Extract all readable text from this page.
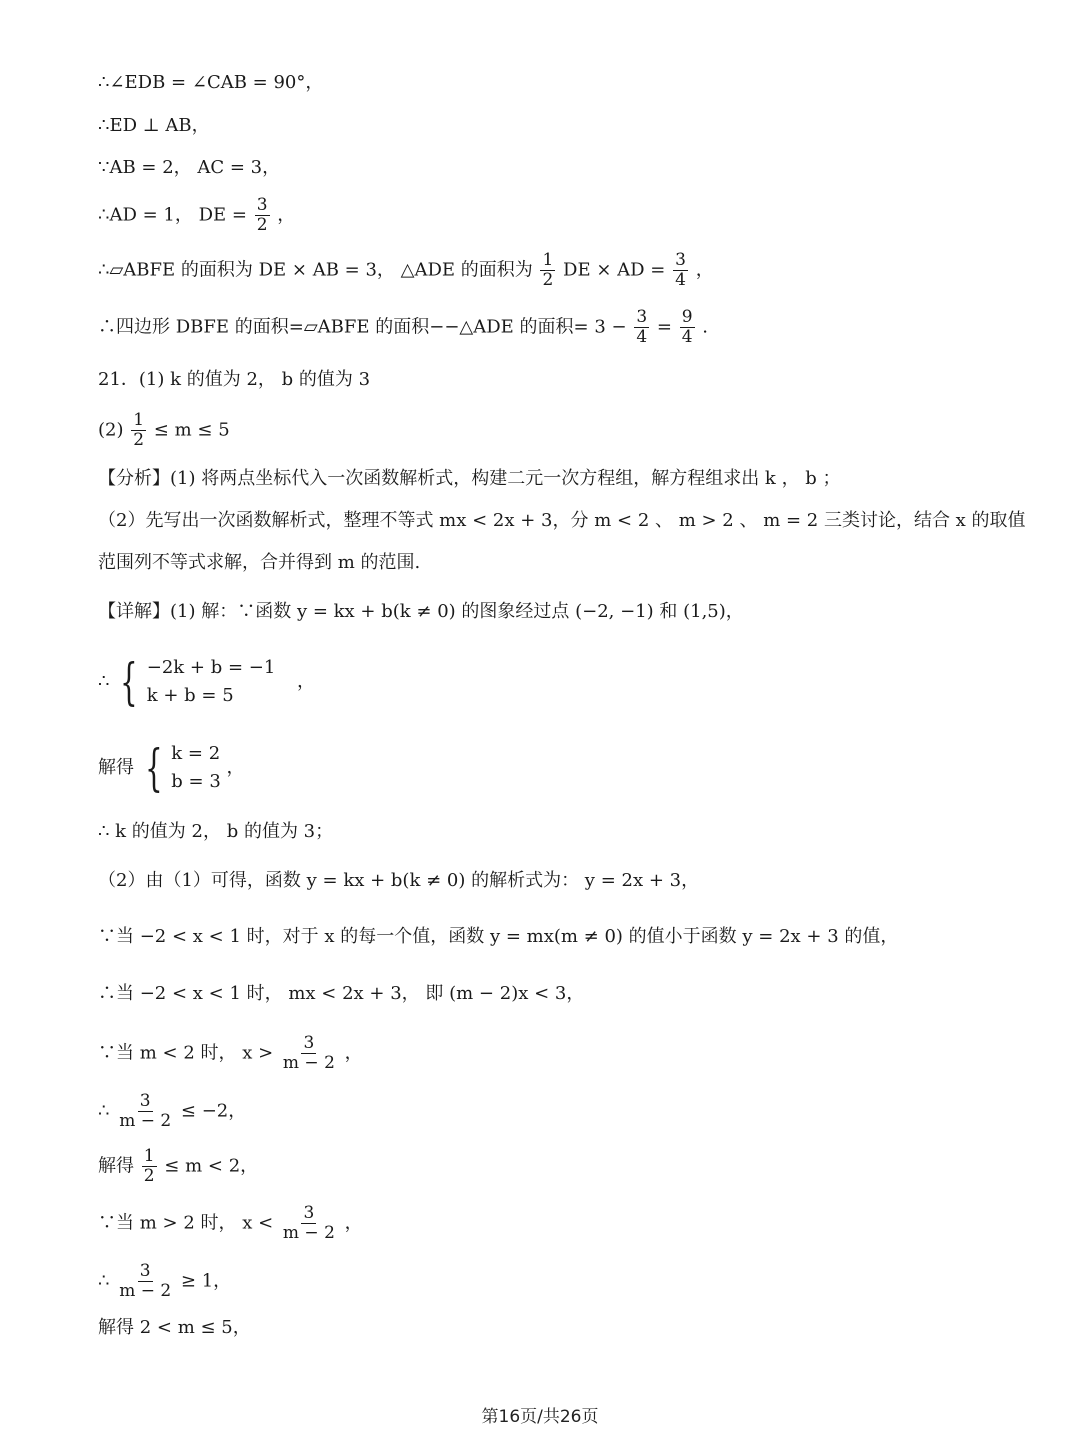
∴∠EDB = ∠CAB = 90°，
∴ED ⊥ AB，
∵AB = 2， AC = 3，
∴AD = 1， DE = $\frac{3}{2}$ ，
∴▱ABFE 的面积为 DE × AB = 3， △ADE 的面积为 $\frac{1}{2}$ DE × AD = $\frac{3}{4}$ ，
∴四边形 DBFE 的面积=▱ABFE 的面积−−△ADE 的面积= $3 - \frac{3}{4} = \frac{9}{4}$ .
21．(1) k 的值为 2， b 的值为 3
$(2) \frac{1}{2} \le m \le 5$
【分析】(1) 将两点坐标代入一次函数解析式，构建二元一次方程组，解方程组求出 k ， b ；
（2）先写出一次函数解析式，整理不等式 mx < 2x + 3，分 m < 2 、 m > 2 、 m = 2 三类讨论，结合 x 的取值
范围列不等式求解，合并得到 m 的范围.
【详解】(1) 解：∵函数 y = kx + b(k ≠ 0) 的图象经过点 (−2, −1) 和 (1,5)，
∴ { −2k + b = −1
k + b = 5
，
解得 { k = 2
b = 3
，
∴ k 的值为 2， b 的值为 3；
（2）由（1）可得，函数 y = kx + b(k ≠ 0) 的解析式为： y = 2x + 3，
∵当 −2 < x < 1 时，对于 x 的每一个值，函数 y = mx(m ≠ 0) 的值小于函数 y = 2x + 3 的值，
∴当 −2 < x < 1 时， mx < 2x + 3， 即 (m − 2)x < 3，
∵当 m < 2 时， $x > \frac{3}{m - 2}$ ，
∴ $\frac{3}{m - 2} \le -2$，
解得 $\frac{1}{2} \le m < 2$，
∵当 m > 2 时， $x < \frac{3}{m - 2}$ ，
∴ $\frac{3}{m - 2} \ge 1$，
解得 2 < m ≤ 5，
第16页/共26页
